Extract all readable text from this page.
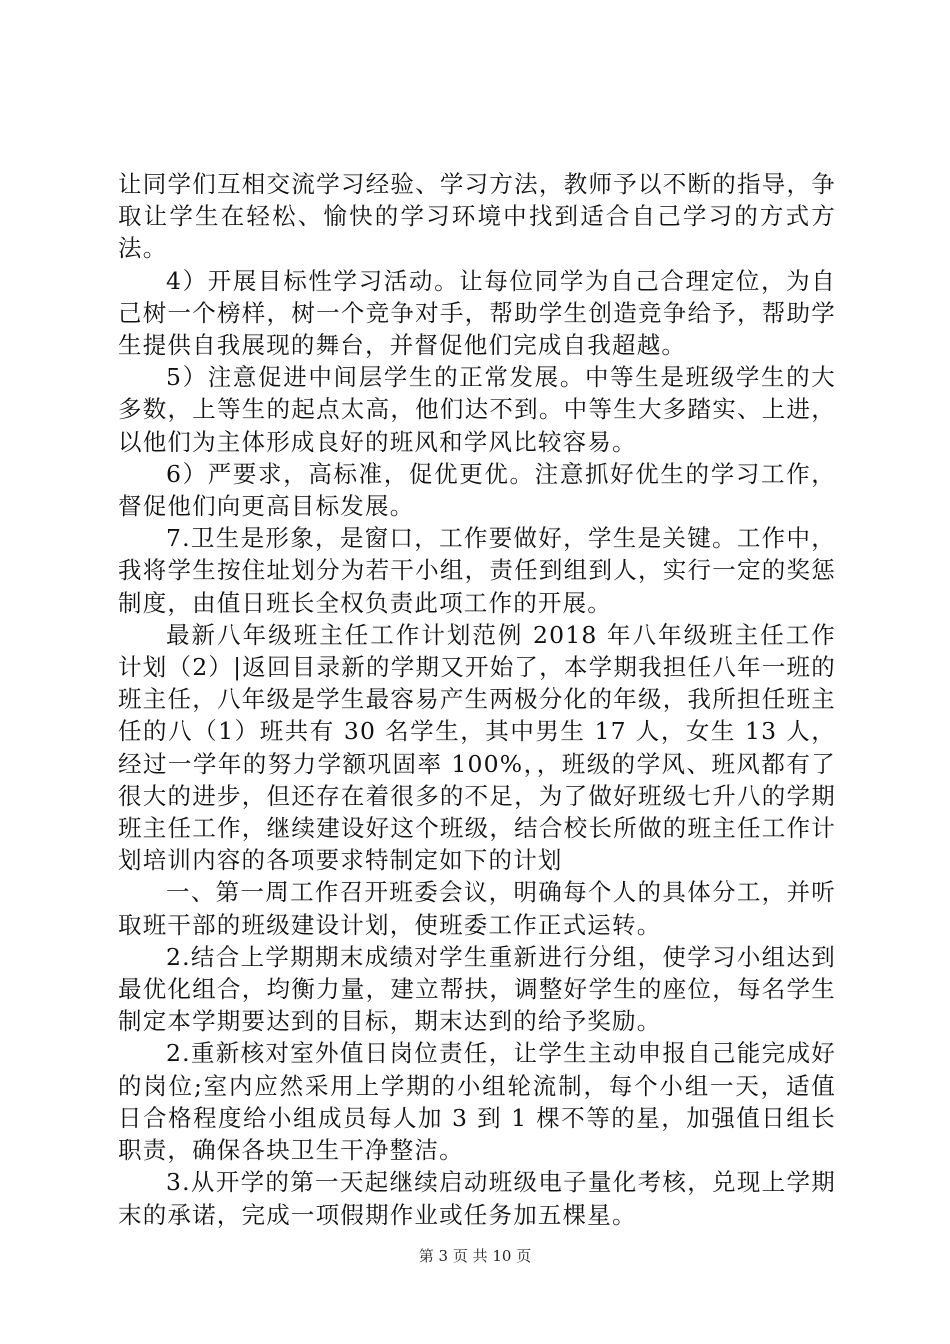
让同学们互相交流学习经验、学习方法，教师予以不断的指导，争取让学生在轻松、愉快的学习环境中找到适合自己学习的方式方法。

4）开展目标性学习活动。让每位同学为自己合理定位，为自己树一个榜样，树一个竞争对手，帮助学生创造竞争给予，帮助学生提供自我展现的舞台，并督促他们完成自我超越。

5）注意促进中间层学生的正常发展。中等生是班级学生的大多数，上等生的起点太高，他们达不到。中等生大多踏实、上进，以他们为主体形成良好的班风和学风比较容易。

6）严要求，高标准，促优更优。注意抓好优生的学习工作，督促他们向更高目标发展。

7.卫生是形象，是窗口，工作要做好，学生是关键。工作中，我将学生按住址划分为若干小组，责任到组到人，实行一定的奖惩制度，由值日班长全权负责此项工作的开展。

最新八年级班主任工作计划范例 2018 年八年级班主任工作计划（2）|返回目录新的学期又开始了，本学期我担任八年一班的班主任，八年级是学生最容易产生两极分化的年级，我所担任班主任的八（1）班共有 30 名学生，其中男生 17 人，女生 13 人，经过一学年的努力学额巩固率 100%，，班级的学风、班风都有了很大的进步，但还存在着很多的不足，为了做好班级七升八的学期班主任工作，继续建设好这个班级，结合校长所做的班主任工作计划培训内容的各项要求特制定如下的计划

一、第一周工作召开班委会议，明确每个人的具体分工，并听取班干部的班级建设计划，使班委工作正式运转。

2.结合上学期期末成绩对学生重新进行分组，使学习小组达到最优化组合，均衡力量，建立帮扶，调整好学生的座位，每名学生制定本学期要达到的目标，期末达到的给予奖励。

2.重新核对室外值日岗位责任，让学生主动申报自己能完成好的岗位;室内应然采用上学期的小组轮流制，每个小组一天，适值日合格程度给小组成员每人加 3 到 1 棵不等的星，加强值日组长职责，确保各块卫生干净整洁。

3.从开学的第一天起继续启动班级电子量化考核，兑现上学期末的承诺，完成一项假期作业或任务加五棵星。

第 3 页 共 10 页
